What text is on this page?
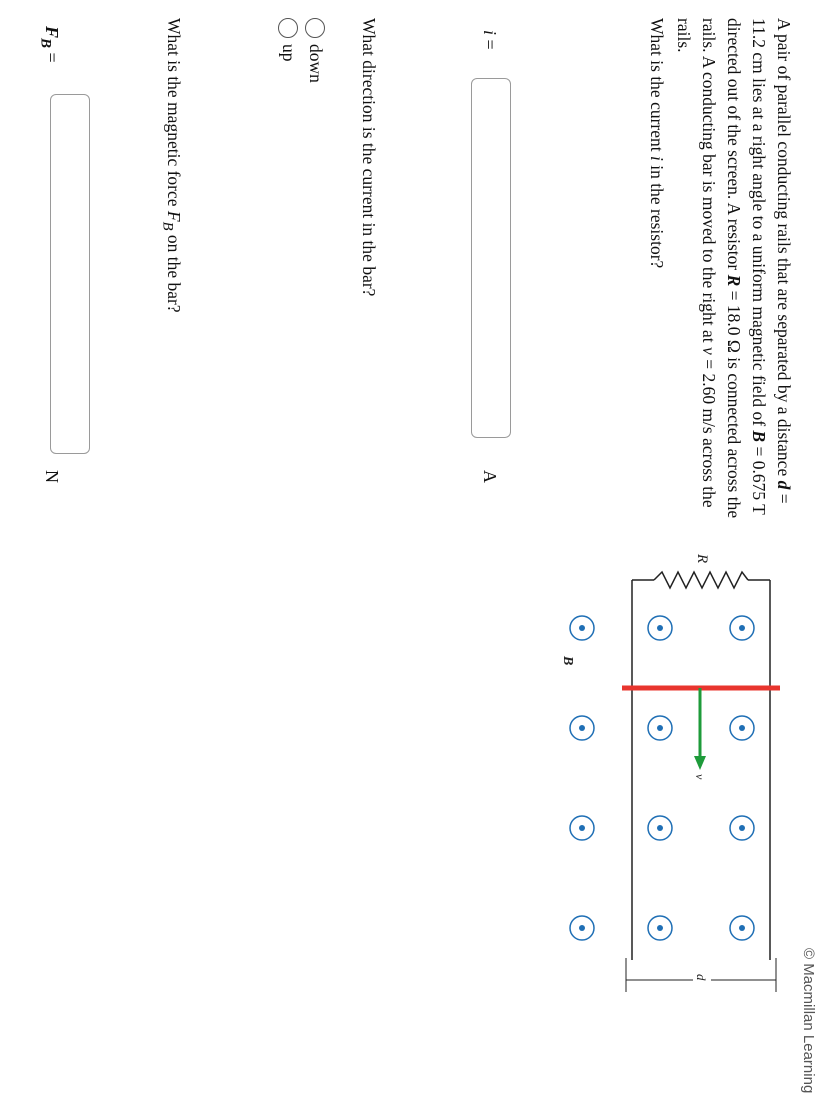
© Macmillan Learning
A pair of parallel conducting rails that are separated by a distance d = 11.2 cm lies at a right angle to a uniform magnetic field of B = 0.675 T directed out of the screen. A resistor R = 18.0 Ω is connected across the rails. A conducting bar is moved to the right at v = 2.60 m/s across the rails.
What is the current i in the resistor?
i =
A
What direction is the current in the bar?
down
up
What is the magnetic force $F_B$ on the bar?
$F_B$ =
N
R
v
B
d
